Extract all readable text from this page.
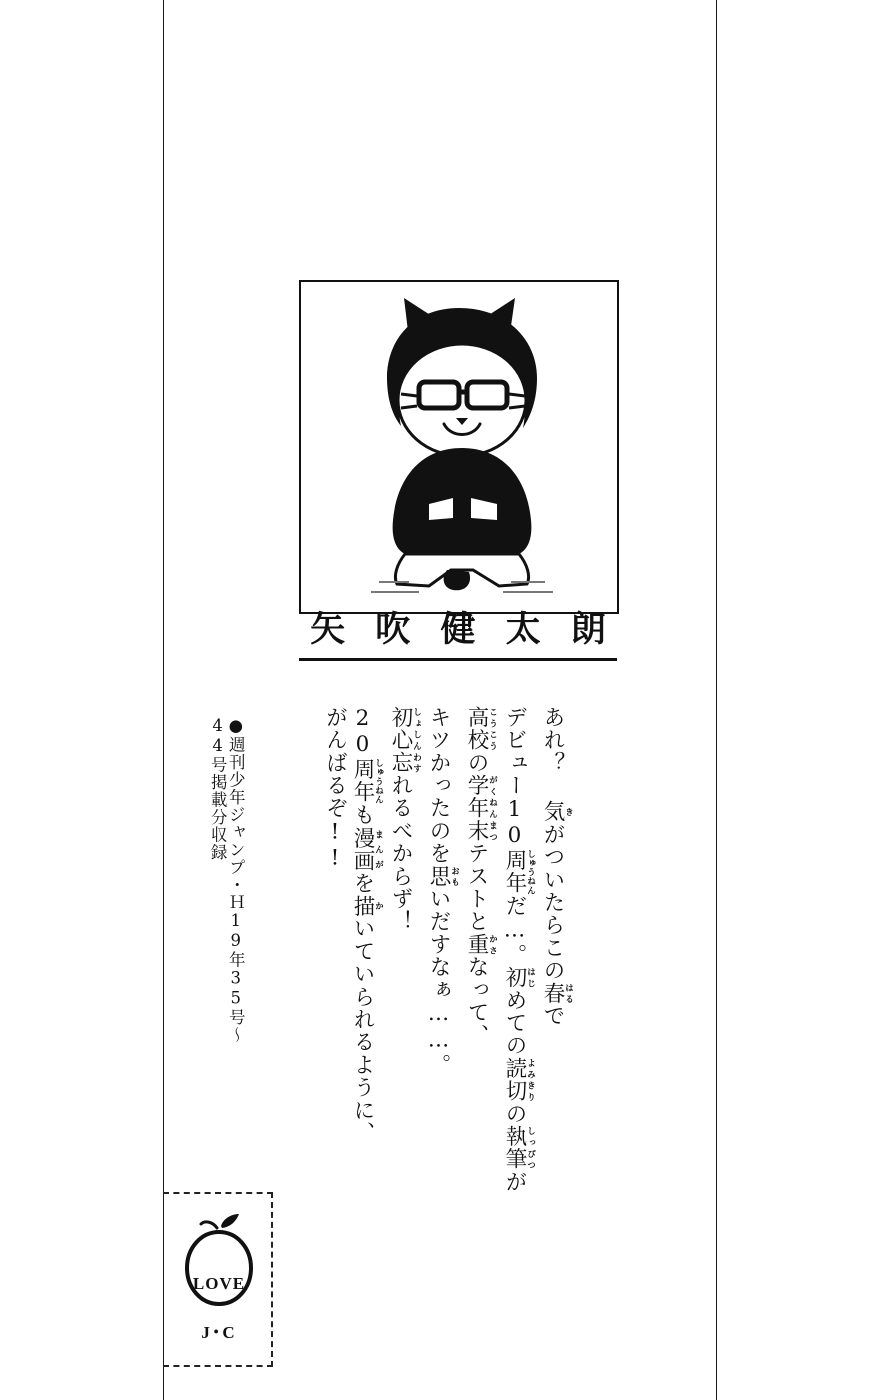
矢 吹 健 太 朗
あれ？ 気きがついたらこの春はるで
デビュー10周年しゅうねんだ…。初はじめての読切よみきりの執筆しっぴつが
高校こうこうの学年末がくねんまつテストと重かさなって、
キツかったのを思おもいだすなぁ……。
初心しょしん忘わすれるべからず！
20周年しゅうねんも漫画まんがを描かいていられるように、
がんばるぞ!!
●週刊少年ジャンプ・Ｈ19年35号〜
44号掲載分収録
LOVE
J･C
